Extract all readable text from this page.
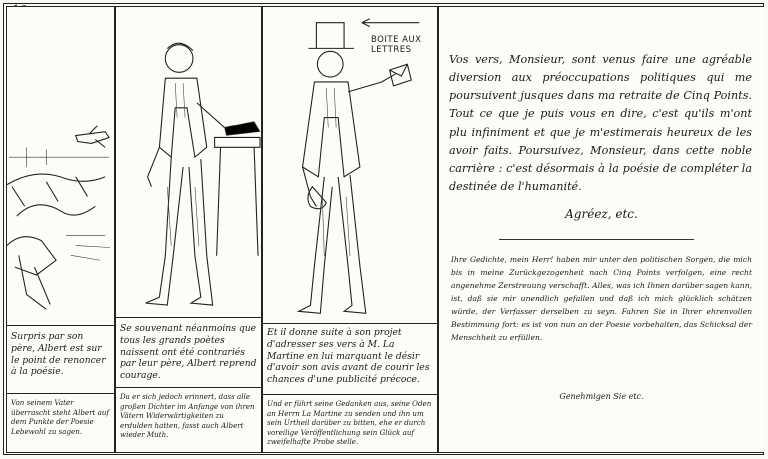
Surpris par son père, Albert est sur le point de renoncer à la poésie.
Von seinem Vater überrascht steht Albert auf dem Punkte der Poesie Lebewohl zu sagen.
Se souvenant néanmoins que tous les grands poètes naissent ont été contrariés par leur père, Albert reprend courage.
Da er sich jedoch erinnert, dass alle großen Dichter im Anfange von ihren Vätern Widerwärtigkeiten zu erdulden hatten, fasst auch Albert wieder Muth.
BOITE AUX LETTRES
Et il donne suite à son projet d'adresser ses vers à M. La Martine en lui marquant le désir d'avoir son avis avant de courir les chances d'une publicité précoce.
Und er führt seine Gedanken aus, seine Oden an Herrn La Martine zu senden und ihn um sein Urtheil darüber zu bitten, ehe er durch voreilige Veröffentlichung sein Glück auf zweifelhafte Probe stelle.
Vos vers, Monsieur, sont venus faire une agréable diversion aux préoccupations politiques qui me poursuivent jusques dans ma retraite de Cinq Points. Tout ce que je puis vous en dire, c'est qu'ils m'ont plu infiniment et que je m'estimerais heureux de les avoir faits. Poursuivez, Monsieur, dans cette noble carrière : c'est désormais à la poésie de compléter la destinée de l'humanité.
Agréez, etc.
Ihre Gedichte, mein Herr! haben mir unter den politischen Sorgen, die mich bis in meine Zurückgezogenheit nach Cinq Points verfolgen, eine recht angenehme Zerstreuung verschafft. Alles, was ich Ihnen darüber sagen kann, ist, daß sie mir unendlich gefallen und daß ich mich glücklich schätzen würde, der Verfasser derselben zu seyn. Fahren Sie in Ihrer ehrenvollen Bestimmung fort: es ist von nun an der Poesie vorbehalten, das Schicksal der Menschheit zu erfüllen.
Genehmigen Sie etc.
